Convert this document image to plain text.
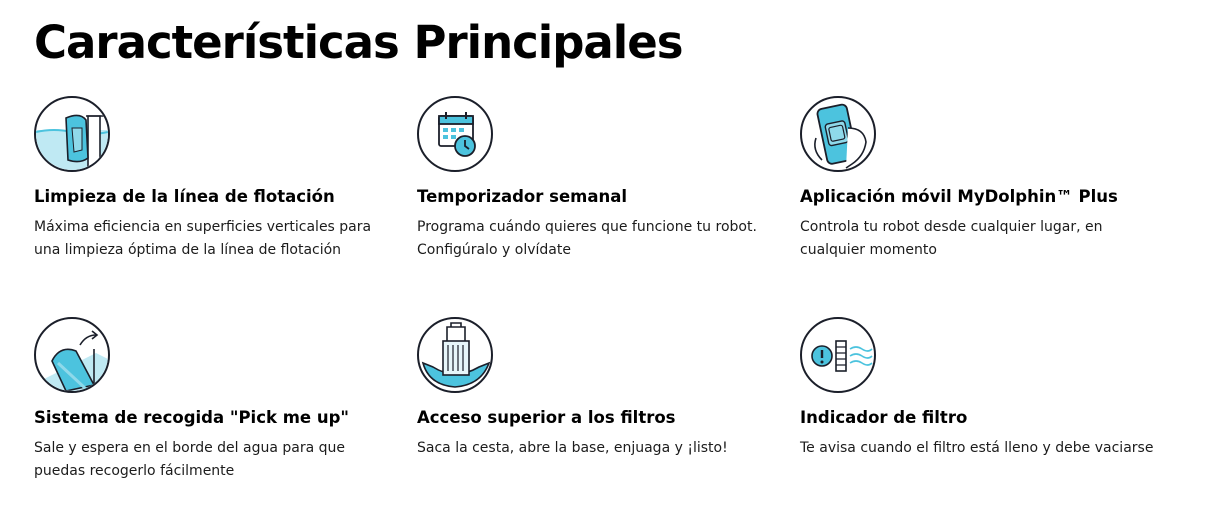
Características Principales
Limpieza de la línea de flotación
Máxima eficiencia en superficies verticales para una limpieza óptima de la línea de flotación
Temporizador semanal
Programa cuándo quieres que funcione tu robot. Configúralo y olvídate
Aplicación móvil MyDolphin™ Plus
Controla tu robot desde cualquier lugar, en cualquier momento
Sistema de recogida "Pick me up"
Sale y espera en el borde del agua para que puedas recogerlo fácilmente
Acceso superior a los filtros
Saca la cesta, abre la base, enjuaga y ¡listo!
Indicador de filtro
Te avisa cuando el filtro está lleno y debe vaciarse
